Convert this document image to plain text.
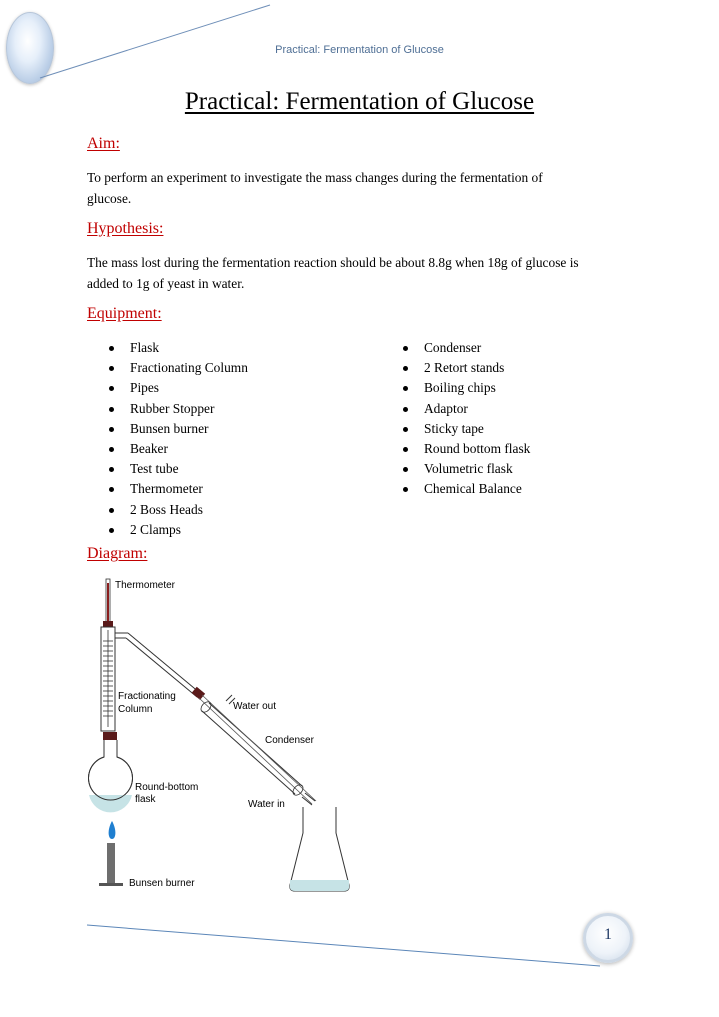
Practical: Fermentation of Glucose
Practical: Fermentation of Glucose
Aim:
To perform an experiment to investigate the mass changes during the fermentation of
glucose.
Hypothesis:
The mass lost during the fermentation reaction should be about 8.8g when 18g of glucose is
added to 1g of yeast in water.
Equipment:
Flask
Fractionating Column
Pipes
Rubber Stopper
Bunsen burner
Beaker
Test tube
Thermometer
2 Boss Heads
2 Clamps
Condenser
2 Retort stands
Boiling chips
Adaptor
Sticky tape
Round bottom flask
Volumetric flask
Chemical Balance
Diagram:
Thermometer
Fractionating
Column	Water out
Condenser
Round-bottom
flask	Water in
Bunsen burner
1
